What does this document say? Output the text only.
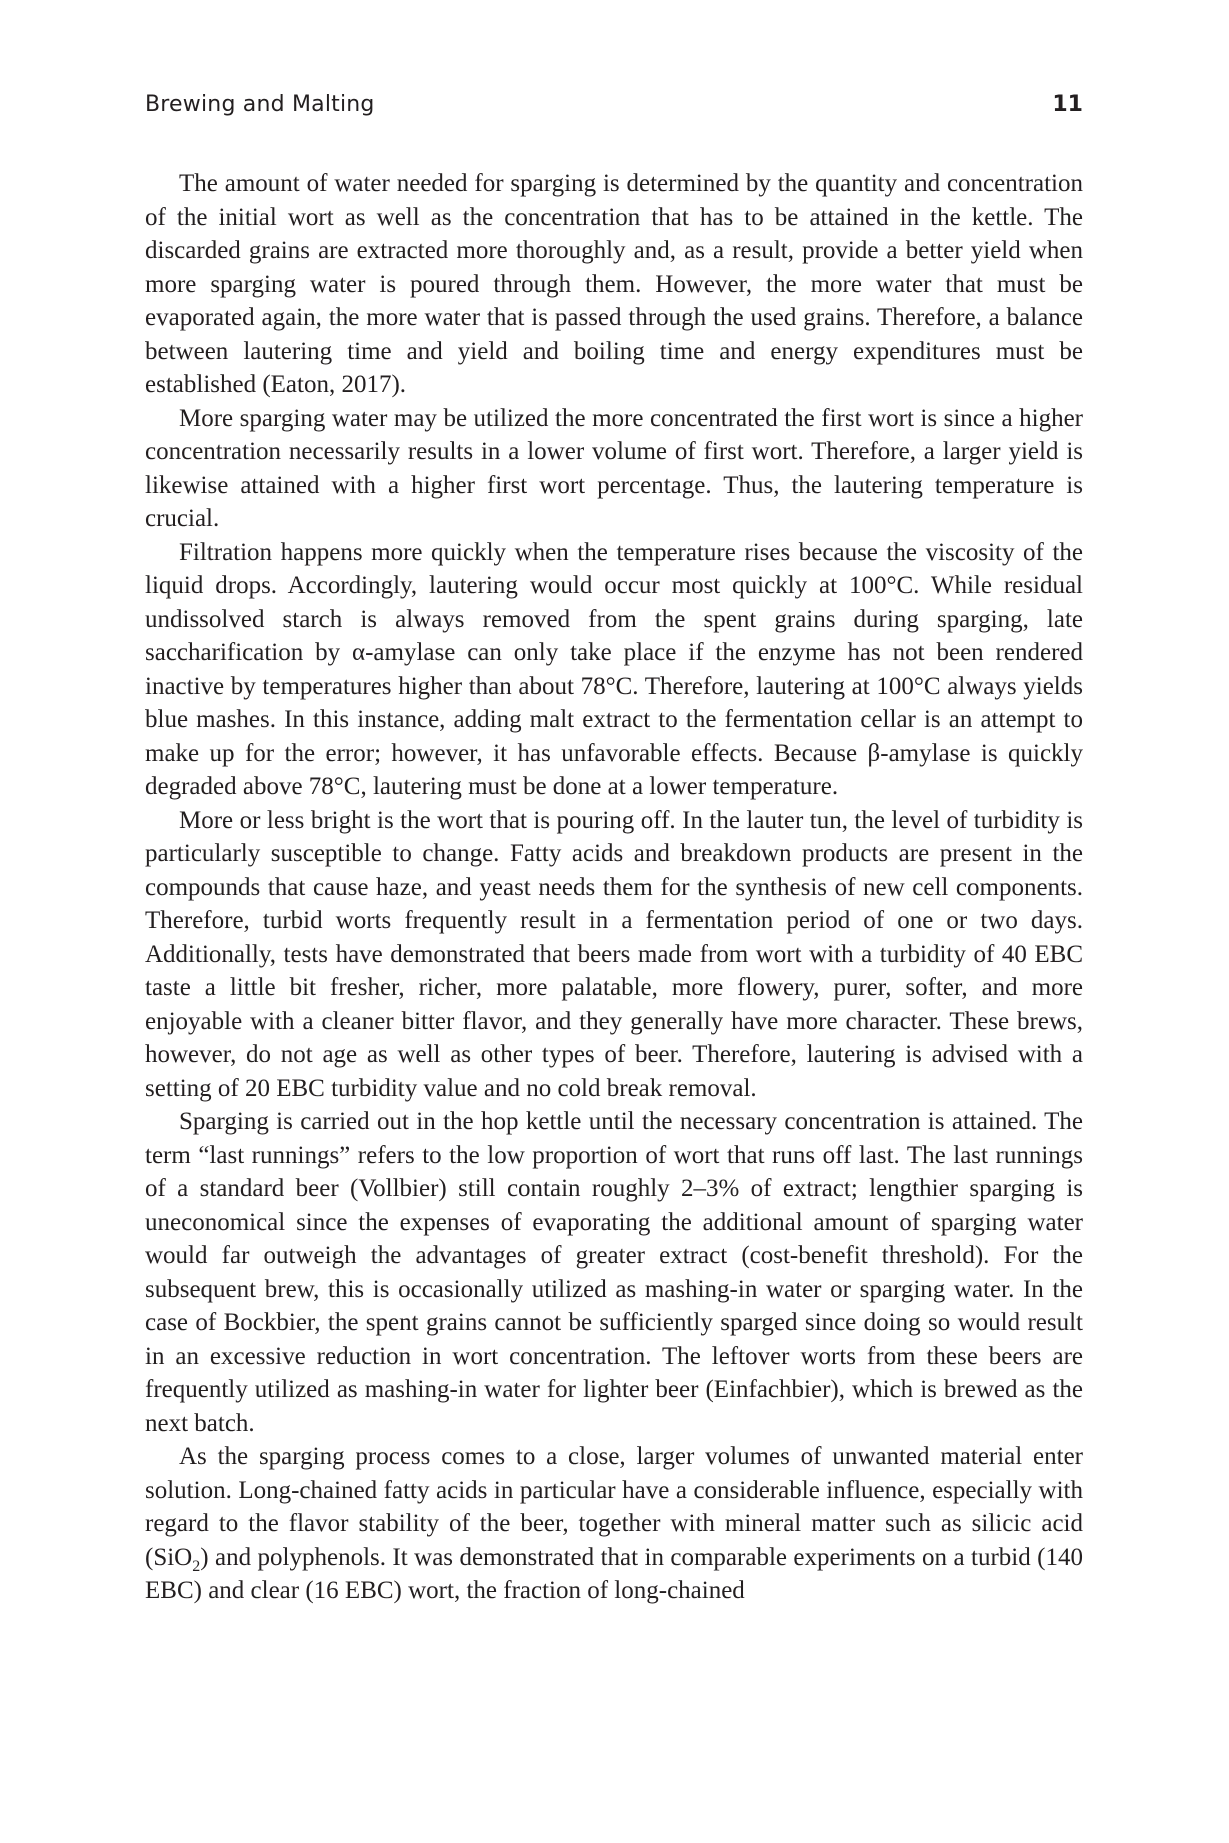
Brewing and Malting	11

The amount of water needed for sparging is determined by the quantity and concentration of the initial wort as well as the concentration that has to be attained in the kettle. The discarded grains are extracted more thoroughly and, as a result, provide a better yield when more sparging water is poured through them. However, the more water that must be evaporated again, the more water that is passed through the used grains. Therefore, a balance between lautering time and yield and boiling time and energy expenditures must be established (Eaton, 2017).

More sparging water may be utilized the more concentrated the first wort is since a higher concentration necessarily results in a lower volume of first wort. Therefore, a larger yield is likewise attained with a higher first wort percentage. Thus, the lautering temperature is crucial.

Filtration happens more quickly when the temperature rises because the viscosity of the liquid drops. Accordingly, lautering would occur most quickly at 100°C. While residual undissolved starch is always removed from the spent grains during sparging, late saccharification by α-amylase can only take place if the enzyme has not been rendered inactive by temperatures higher than about 78°C. Therefore, lautering at 100°C always yields blue mashes. In this instance, adding malt extract to the fermentation cellar is an attempt to make up for the error; however, it has unfavorable effects. Because β-amylase is quickly degraded above 78°C, lautering must be done at a lower temperature.

More or less bright is the wort that is pouring off. In the lauter tun, the level of turbidity is particularly susceptible to change. Fatty acids and breakdown products are present in the compounds that cause haze, and yeast needs them for the synthesis of new cell components. Therefore, turbid worts frequently result in a fermentation period of one or two days. Additionally, tests have demonstrated that beers made from wort with a turbidity of 40 EBC taste a little bit fresher, richer, more palatable, more flowery, purer, softer, and more enjoyable with a cleaner bitter flavor, and they generally have more character. These brews, however, do not age as well as other types of beer. Therefore, lautering is advised with a setting of 20 EBC turbidity value and no cold break removal.

Sparging is carried out in the hop kettle until the necessary concentration is attained. The term “last runnings” refers to the low proportion of wort that runs off last. The last runnings of a standard beer (Vollbier) still contain roughly 2–3% of extract; lengthier sparging is uneconomical since the expenses of evaporating the additional amount of sparging water would far outweigh the advantages of greater extract (cost-benefit threshold). For the subsequent brew, this is occasionally utilized as mashing-in water or sparging water. In the case of Bockbier, the spent grains cannot be sufficiently sparged since doing so would result in an excessive reduction in wort concentration. The leftover worts from these beers are frequently utilized as mashing-in water for lighter beer (Einfachbier), which is brewed as the next batch.

As the sparging process comes to a close, larger volumes of unwanted material enter solution. Long-chained fatty acids in particular have a considerable influence, especially with regard to the flavor stability of the beer, together with mineral matter such as silicic acid (SiO$_2$) and polyphenols. It was demonstrated that in comparable experiments on a turbid (140 EBC) and clear (16 EBC) wort, the fraction of long-chained
